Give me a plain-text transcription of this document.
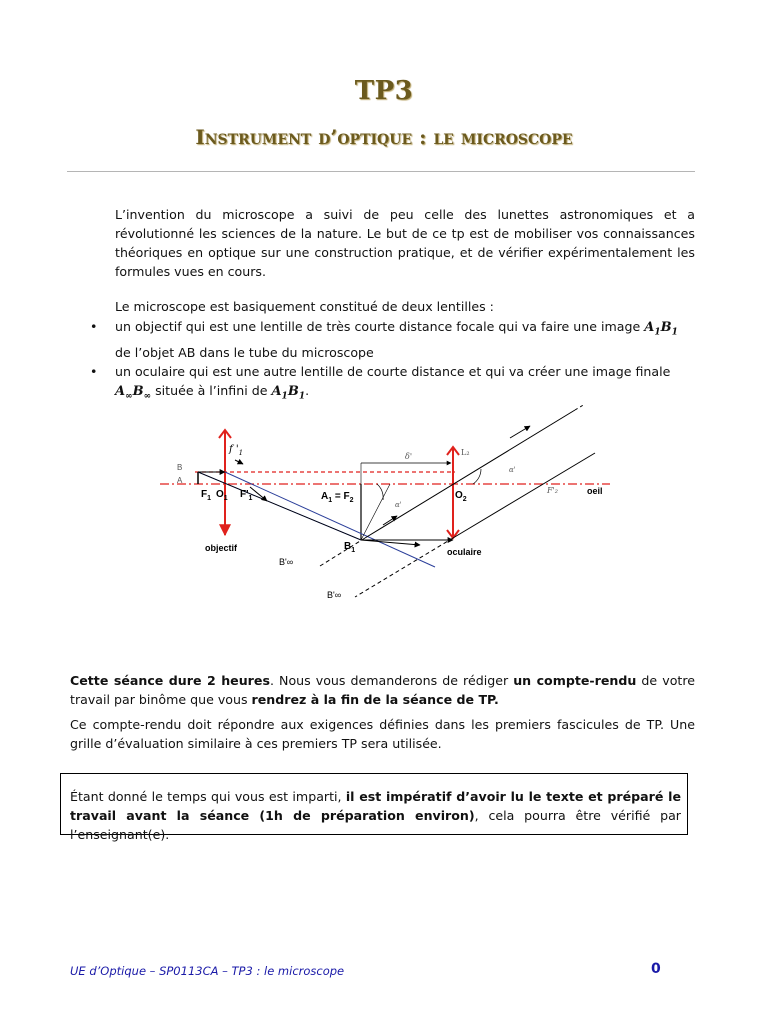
TP3
Instrument d’optique : le microscope
L’invention du microscope a suivi de peu celle des lunettes astronomiques et a révolutionné les sciences de la nature. Le but de ce tp est de mobiliser vos connaissances théoriques en optique sur une construction pratique, et de vérifier expérimentalement les formules vues en cours.
Le microscope est basiquement constitué de deux lentilles :
• un objectif qui est une lentille de très courte distance focale qui va faire une image $A_1B_1$
de l’objet AB dans le tube du microscope
• un oculaire qui est une autre lentille de courte distance et qui va créer une image finale
$A_\infty B_\infty$ située à l’infini de $A_1B_1$.
B
A
$F_1$ $O_1$ $F'_1$
f '$_1$
$A_1 = F_2$
α'
δ'	L₂
α'
$O_2$
F'₂	oeil
$B_1$
objectif	oculaire
B'∞
B'∞
Cette séance dure 2 heures. Nous vous demanderons de rédiger un compte-rendu de votre travail par binôme que vous rendrez à la fin de la séance de TP.
Ce compte-rendu doit répondre aux exigences définies dans les premiers fascicules de TP. Une grille d’évaluation similaire à ces premiers TP sera utilisée.
Étant donné le temps qui vous est imparti, il est impératif d’avoir lu le texte et préparé le travail avant la séance (1h de préparation environ), cela pourra être vérifié par l’enseignant(e).
UE d’Optique – SP0113CA – TP3 : le microscope	0
